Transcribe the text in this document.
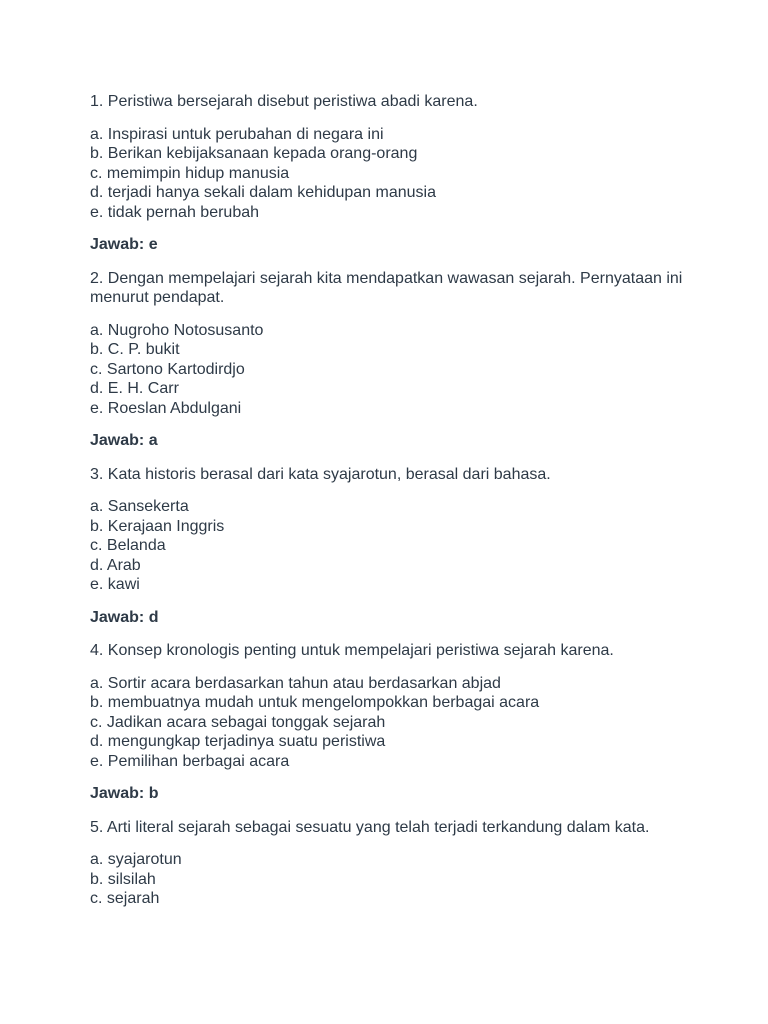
1. Peristiwa bersejarah disebut peristiwa abadi karena.

a. Inspirasi untuk perubahan di negara ini
b. Berikan kebijaksanaan kepada orang-orang
c. memimpin hidup manusia
d. terjadi hanya sekali dalam kehidupan manusia
e. tidak pernah berubah

Jawab: e

2. Dengan mempelajari sejarah kita mendapatkan wawasan sejarah. Pernyataan ini menurut pendapat.

a. Nugroho Notosusanto
b. C. P. bukit
c. Sartono Kartodirdjo
d. E. H. Carr
e. Roeslan Abdulgani

Jawab: a

3. Kata historis berasal dari kata syajarotun, berasal dari bahasa.

a. Sansekerta
b. Kerajaan Inggris
c. Belanda
d. Arab
e. kawi

Jawab: d

4. Konsep kronologis penting untuk mempelajari peristiwa sejarah karena.

a. Sortir acara berdasarkan tahun atau berdasarkan abjad
b. membuatnya mudah untuk mengelompokkan berbagai acara
c. Jadikan acara sebagai tonggak sejarah
d. mengungkap terjadinya suatu peristiwa
e. Pemilihan berbagai acara

Jawab: b

5. Arti literal sejarah sebagai sesuatu yang telah terjadi terkandung dalam kata.

a. syajarotun
b. silsilah
c. sejarah
